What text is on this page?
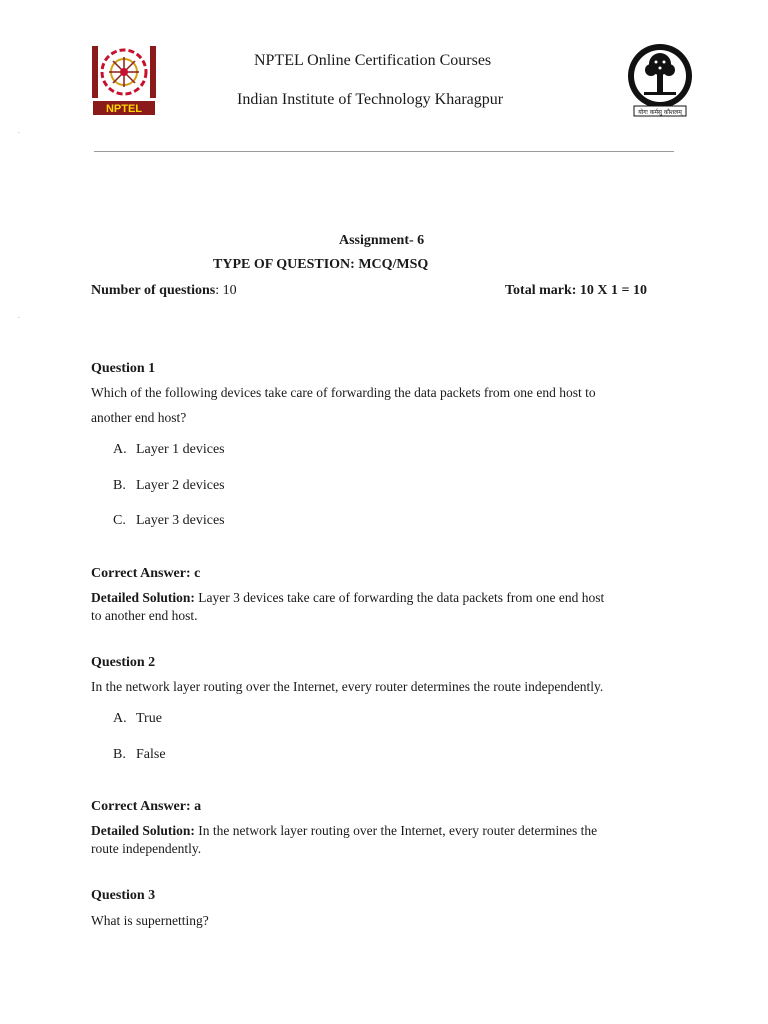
NPTEL	योगः कर्मसु कौशलम्
NPTEL Online Certification Courses
Indian Institute of Technology Kharagpur
.
Assignment- 6
TYPE OF QUESTION: MCQ/MSQ
Number of questions: 10	Total mark: 10 X 1 = 10
.
Question 1
Which of the following devices take care of forwarding the data packets from one end host to
another end host?
A. Layer 1 devices
B. Layer 2 devices
C. Layer 3 devices
Correct Answer: c
Detailed Solution: Layer 3 devices take care of forwarding the data packets from one end host
to another end host.
Question 2
In the network layer routing over the Internet, every router determines the route independently.
A. True
B. False
Correct Answer: a
Detailed Solution: In the network layer routing over the Internet, every router determines the
route independently.
Question 3
What is supernetting?
